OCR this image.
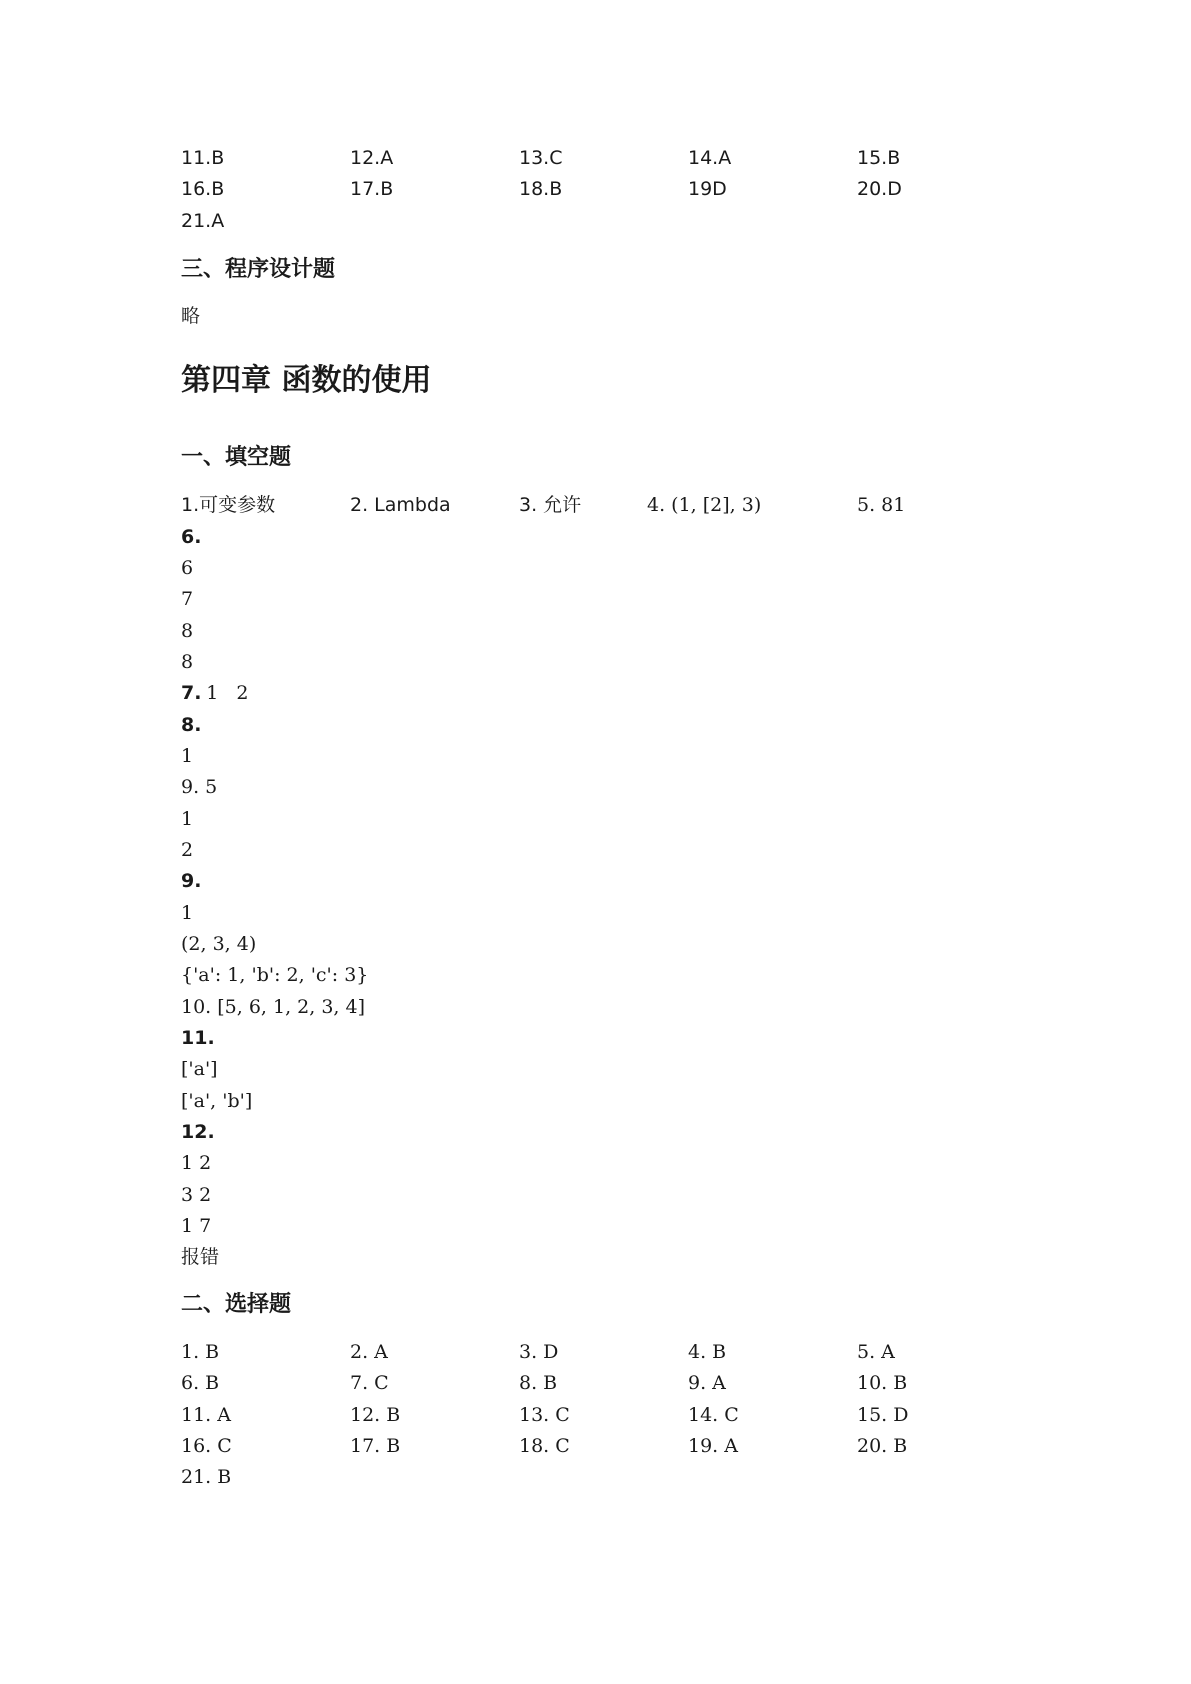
11.B	12.A	13.C	14.A	15.B
16.B	17.B	18.B	19D	20.D
21.A
三、程序设计题
略
第四章 函数的使用
一、填空题
1.可变参数	2. Lambda	3. 允许	4. (1, [2], 3)	5. 81
6.
6
7
8
8
7. 1   2
8.
1
9. 5
1
2
9.
1
(2, 3, 4)
{'a': 1, 'b': 2, 'c': 3}
10. [5, 6, 1, 2, 3, 4]
11.
['a']
['a', 'b']
12.
1 2
3 2
1 7
报错
二、选择题
1. B	2. A	3. D	4. B	5. A
6. B	7. C	8. B	9. A	10. B
11. A	12. B	13. C	14. C	15. D
16. C	17. B	18. C	19. A	20. B
21. B
